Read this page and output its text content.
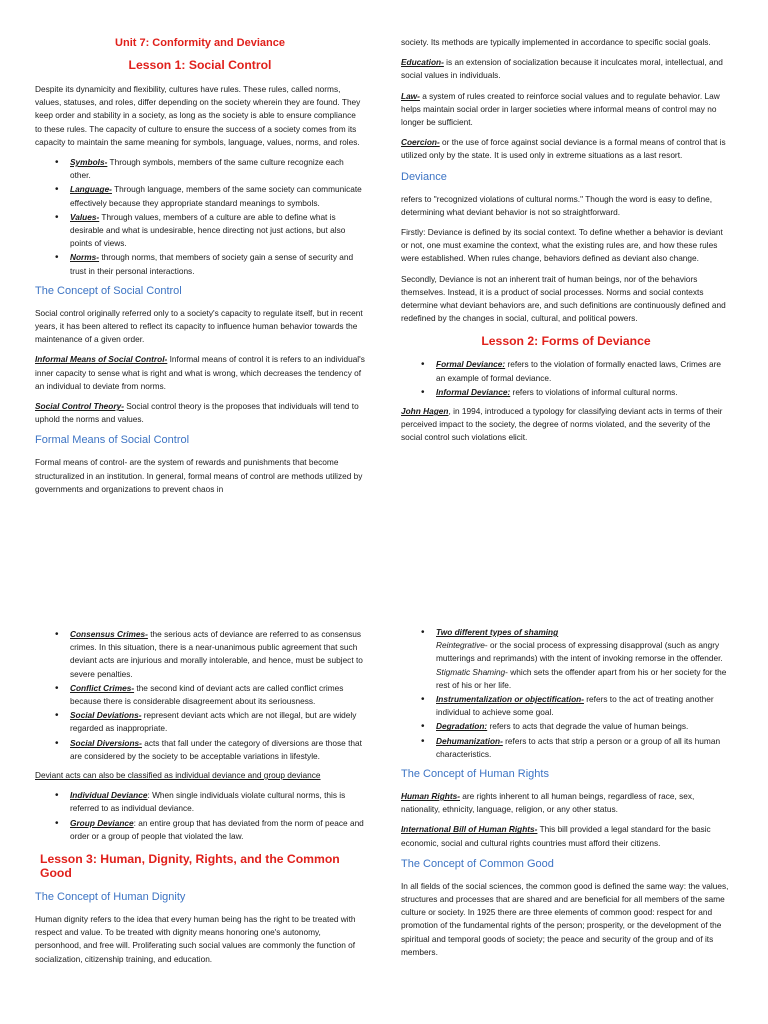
Unit 7: Conformity and Deviance
Lesson 1: Social Control

Despite its dynamicity and flexibility, cultures have rules. These rules, called norms, values, statuses, and roles, differ depending on the society wherein they are found. They keep order and stability in a society, as long as the society is able to ensure compliance to these rules. The capacity of culture to ensure the success of a society comes from its capacity to maintain the same meaning for symbols, language, values, norms, and roles.

• Symbols- Through symbols, members of the same culture recognize each other.
• Language- Through language, members of the same society can communicate effectively because they appropriate standard meanings to symbols.
• Values- Through values, members of a culture are able to define what is desirable and what is undesirable, hence directing not just actions, but also points of views.
• Norms- through norms, that members of society gain a sense of security and trust in their personal interactions.
The Concept of Social Control

Social control originally referred only to a society's capacity to regulate itself, but in recent years, it has been altered to reflect its capacity to influence human behavior towards the maintenance of a given order.

Informal Means of Social Control- Informal means of control it is refers to an individual's inner capacity to sense what is right and what is wrong, which decreases the tendency of an individual to deviate from norms.

Social Control Theory- Social control theory is the proposes that individuals will tend to uphold the norms and values.

Formal Means of Social Control

Formal means of control- are the system of rewards and punishments that become structuralized in an institution. In general, formal means of control are methods utilized by governments and organizations to prevent chaos in

society. Its methods are typically implemented in accordance to specific social goals.

Education- is an extension of socialization because it inculcates moral, intellectual, and social values in individuals.

Law- a system of rules created to reinforce social values and to regulate behavior. Law helps maintain social order in larger societies where informal means of control may no longer be sufficient.

Coercion- or the use of force against social deviance is a formal means of control that is utilized only by the state. It is used only in extreme situations as a last resort.

Deviance

refers to "recognized violations of cultural norms." Though the word is easy to define, determining what deviant behavior is not so straightforward.

Firstly: Deviance is defined by its social context. To define whether a behavior is deviant or not, one must examine the context, what the existing rules are, and how these rules were established. When rules change, behaviors defined as deviant also change.

Secondly, Deviance is not an inherent trait of human beings, nor of the behaviors themselves. Instead, it is a product of social processes. Norms and social contexts determine what deviant behaviors are, and such definitions are continuously defined and redefined by the changes in social, cultural, and political powers.

Lesson 2: Forms of Deviance
• Formal Deviance: refers to the violation of formally enacted laws, Crimes are an example of formal deviance.
• Informal Deviance: refers to violations of informal cultural norms.

John Hagen, in 1994, introduced a typology for classifying deviant acts in terms of their perceived impact to the society, the degree of norms violated, and the severity of the social control such violations elicit.

• Consensus Crimes- the serious acts of deviance are referred to as consensus crimes. In this situation, there is a near-unanimous public agreement that such deviant acts are injurious and morally intolerable, and hence, must be subject to severe penalties.
• Conflict Crimes- the second kind of deviant acts are called conflict crimes because there is considerable disagreement about its seriousness.
• Social Deviations- represent deviant acts which are not illegal, but are widely regarded as inappropriate.
• Social Diversions- acts that fall under the category of diversions are those that are considered by the society to be acceptable variations in lifestyle.

Deviant acts can also be classified as individual deviance and group deviance

• Individual Deviance: When single individuals violate cultural norms, this is referred to as individual deviance.
• Group Deviance: an entire group that has deviated from the norm of peace and order or a group of people that violated the law.
Lesson 3: Human, Dignity, Rights, and the Common Good
The Concept of Human Dignity

Human dignity refers to the idea that every human being has the right to be treated with respect and value. To be treated with dignity means honoring one's autonomy, personhood, and free will. Proliferating such social values are commonly the function of socialization, citizenship training, and education.

• Two different types of shaming
Reintegrative- or the social process of expressing disapproval (such as angry mutterings and reprimands) with the intent of invoking remorse in the offender.
Stigmatic Shaming- which sets the offender apart from his or her society for the rest of his or her life.
• Instrumentalization or objectification- refers to the act of treating another individual to achieve some goal.
• Degradation: refers to acts that degrade the value of human beings.
• Dehumanization- refers to acts that strip a person or a group of all its human characteristics.
The Concept of Human Rights

Human Rights- are rights inherent to all human beings, regardless of race, sex, nationality, ethnicity, language, religion, or any other status.

International Bill of Human Rights- This bill provided a legal standard for the basic economic, social and cultural rights countries must afford their citizens.

The Concept of Common Good

In all fields of the social sciences, the common good is defined the same way: the values, structures and processes that are shared and are beneficial for all members of the same culture or society. In 1925 there are three elements of common good: respect for and promotion of the fundamental rights of the person; prosperity, or the development of the spiritual and temporal goods of society; the peace and security of the group and of its members.
